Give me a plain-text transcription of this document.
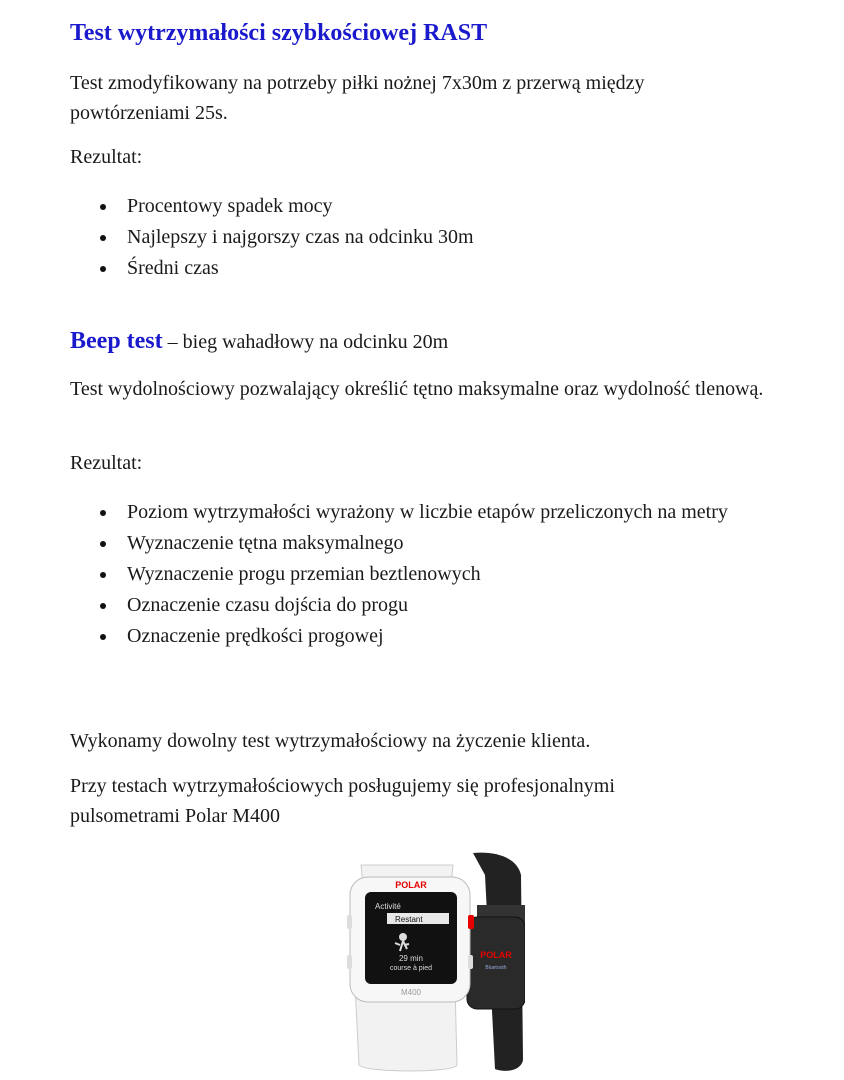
Test wytrzymałości szybkościowej RAST

Test zmodyfikowany na potrzeby piłki nożnej 7x30m z przerwą między powtórzeniami 25s.

Rezultat:

Procentowy spadek mocy
Najlepszy i najgorszy czas na odcinku 30m
Średni czas

Beep test – bieg wahadłowy na odcinku 20m

Test wydolnościowy pozwalający określić tętno maksymalne oraz wydolność tlenową.

Rezultat:

Poziom wytrzymałości wyrażony w liczbie etapów przeliczonych na metry
Wyznaczenie tętna maksymalnego
Wyznaczenie progu przemian beztlenowych
Oznaczenie czasu dojścia do progu
Oznaczenie prędkości progowej

Wykonamy dowolny test wytrzymałościowy na życzenie klienta.

Przy testach wytrzymałościowych posługujemy się profesjonalnymi pulsometrami Polar M400

POLAR
Bluetooth
POLAR
Activité
Restant
29 min
course à pied
M400
